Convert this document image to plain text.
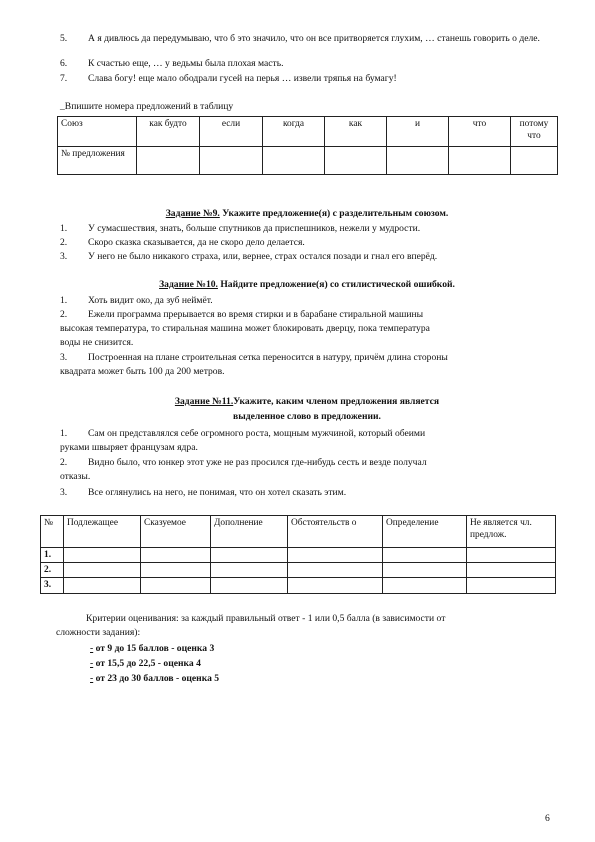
5.	А я дивлюсь да передумываю, что б это значило, что он все притворяется глухим, … станешь говорить о деле.
6.	К счастью еще, … у ведьмы была плохая масть.
7.	Слава богу! еще мало ободрали гусей на перья … извели тряпья на бумагу!
_Впишите номера предложений в таблицу
Союз	как будто	если	когда	как	и	что	потому что
№ предложения							
Задание №9. Укажите предложение(я) с разделительным союзом.
1.	У сумасшествия, знать, больше спутников да приспешников, нежели у мудрости.
2.	Скоро сказка сказывается, да не скоро дело делается.
3.	У него не было никакого страха, или, вернее, страх остался позади и гнал его вперёд.
Задание №10. Найдите предложение(я) со стилистической ошибкой.
1.	Хоть видит око, да зуб неймёт.
2.	Ежели программа прерывается во время стирки и в барабане стиральной машины
высокая температура, то стиральная машина может блокировать дверцу, пока температура
воды не снизится.
3.	Построенная на плане строительная сетка переносится в натуру, причём длина стороны
квадрата может быть 100 да 200 метров.
Задание №11.Укажите, каким членом предложения является
выделенное слово в предложении.
1.	Сам он представлялся себе огромного роста, мощным мужчиной, который обеими
руками швыряет французам ядра.
2.	Видно было, что юнкер этот уже не раз просился где-нибудь сесть и везде получал
отказы.
3.	Все оглянулись на него, не понимая, что он хотел сказать этим.
№	Подлежащее	Сказуемое	Дополнение	Обстоятельств о	Определение	Не является чл. предлож.
1.						
2.						
3.						
Критерии оценивания: за каждый правильный ответ - 1 или 0,5 балла (в зависимости от
сложности задания):
- от 9 до 15 баллов - оценка 3
- от 15,5 до 22,5 - оценка 4
- от 23 до 30 баллов - оценка 5
6
